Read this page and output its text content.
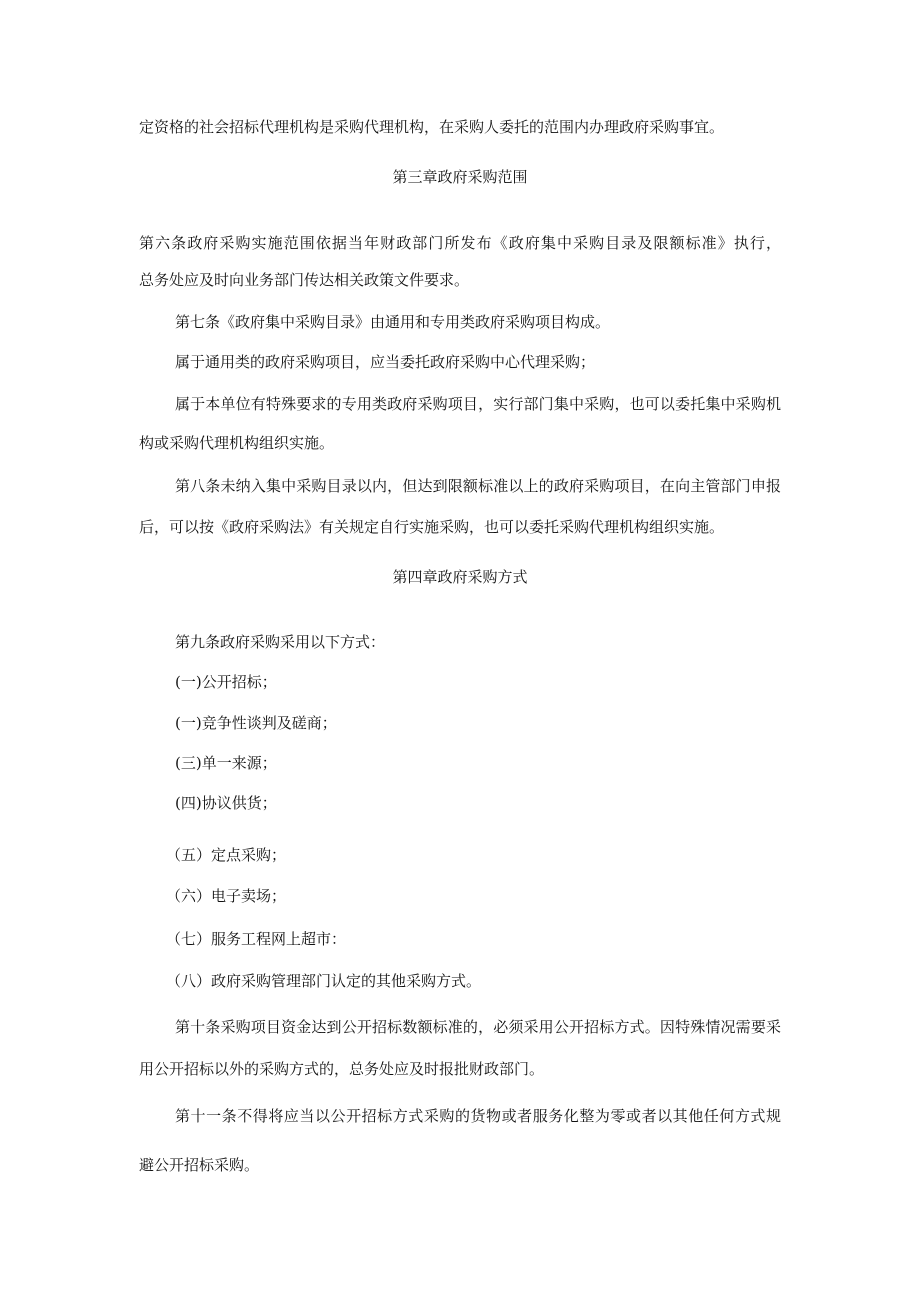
定资格的社会招标代理机构是采购代理机构，在采购人委托的范围内办理政府采购事宜。
第三章政府采购范围
第六条政府采购实施范围依据当年财政部门所发布《政府集中采购目录及限额标准》执行，
总务处应及时向业务部门传达相关政策文件要求。
第七条《政府集中采购目录》由通用和专用类政府采购项目构成。
属于通用类的政府采购项目，应当委托政府采购中心代理采购；
属于本单位有特殊要求的专用类政府采购项目，实行部门集中采购，也可以委托集中采购机
构或采购代理机构组织实施。
第八条未纳入集中采购目录以内，但达到限额标准以上的政府采购项目，在向主管部门申报
后，可以按《政府采购法》有关规定自行实施采购，也可以委托采购代理机构组织实施。
第四章政府采购方式
第九条政府采购采用以下方式：
(一)公开招标；
(一)竞争性谈判及磋商；
(三)单一来源；
(四)协议供货；
（五）定点采购；
（六）电子卖场；
（七）服务工程网上超市：
（八）政府采购管理部门认定的其他采购方式。
第十条采购项目资金达到公开招标数额标准的，必须采用公开招标方式。因特殊情况需要采
用公开招标以外的采购方式的，总务处应及时报批财政部门。
第十一条不得将应当以公开招标方式采购的货物或者服务化整为零或者以其他任何方式规
避公开招标采购。
